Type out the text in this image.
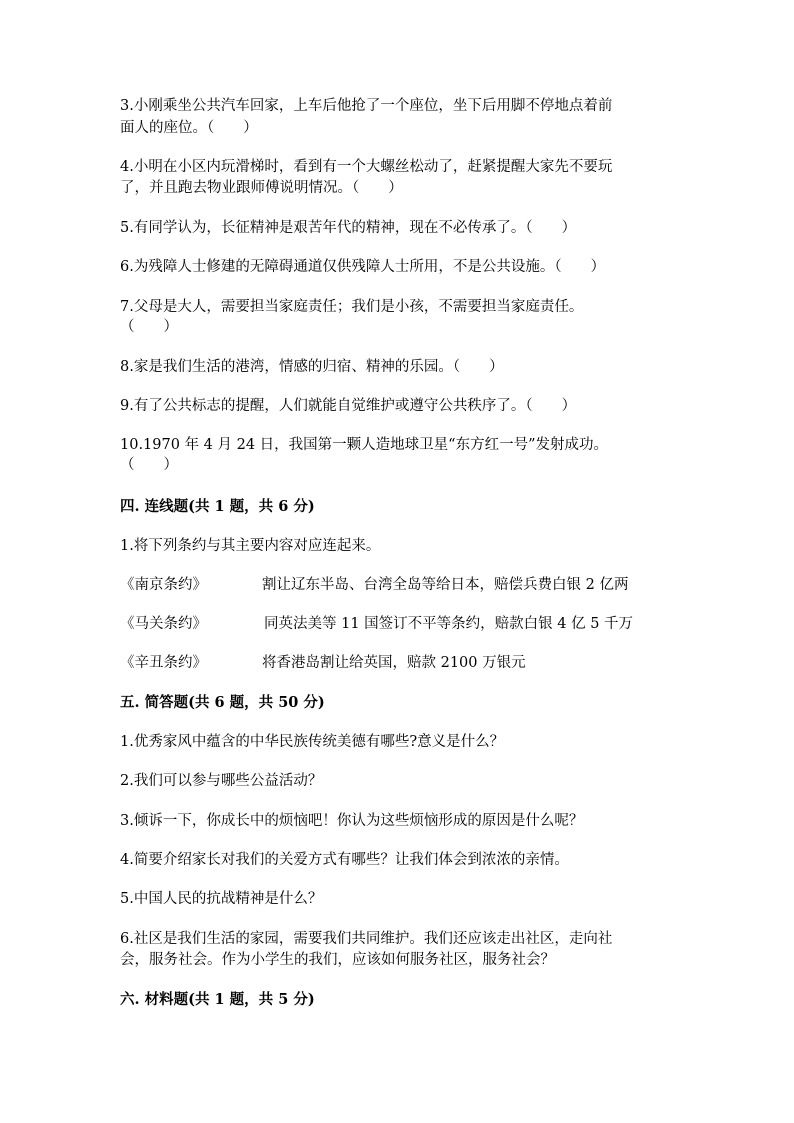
3.小刚乘坐公共汽车回家，上车后他抢了一个座位，坐下后用脚不停地点着前
面人的座位。（　　）
4.小明在小区内玩滑梯时，看到有一个大螺丝松动了，赶紧提醒大家先不要玩
了，并且跑去物业跟师傅说明情况。（　　）
5.有同学认为，长征精神是艰苦年代的精神，现在不必传承了。（　　）
6.为残障人士修建的无障碍通道仅供残障人士所用，不是公共设施。（　　）
7.父母是大人，需要担当家庭责任；我们是小孩，不需要担当家庭责任。
（　　）
8.家是我们生活的港湾，情感的归宿、精神的乐园。（　　）
9.有了公共标志的提醒，人们就能自觉维护或遵守公共秩序了。（　　）
10.1970 年 4 月 24 日，我国第一颗人造地球卫星“东方红一号”发射成功。
（　　）
四. 连线题(共 1 题，共 6 分)
1.将下列条约与其主要内容对应连起来。
《南京条约》	割让辽东半岛、台湾全岛等给日本，赔偿兵费白银 2 亿两
《马关条约》	同英法美等 11 国签订不平等条约，赔款白银 4 亿 5 千万
《辛丑条约》	将香港岛割让给英国，赔款 2100 万银元
五. 简答题(共 6 题，共 50 分)
1.优秀家风中蕴含的中华民族传统美德有哪些?意义是什么？
2.我们可以参与哪些公益活动？
3.倾诉一下，你成长中的烦恼吧！你认为这些烦恼形成的原因是什么呢？
4.简要介绍家长对我们的关爱方式有哪些？让我们体会到浓浓的亲情。
5.中国人民的抗战精神是什么？
6.社区是我们生活的家园，需要我们共同维护。我们还应该走出社区，走向社
会，服务社会。作为小学生的我们，应该如何服务社区，服务社会？
六. 材料题(共 1 题，共 5 分)
